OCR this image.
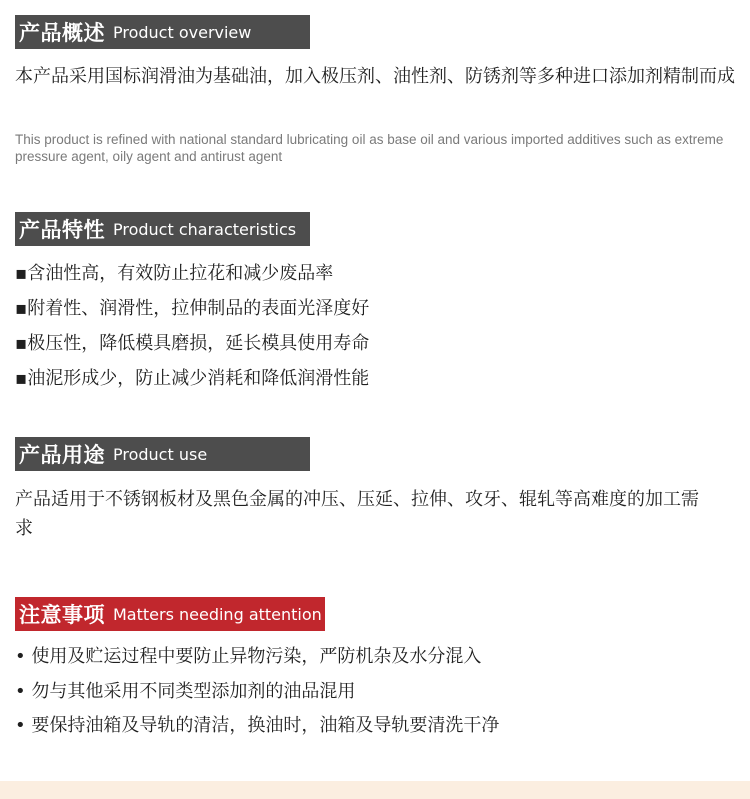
产品概述 Product overview
本产品采用国标润滑油为基础油，加入极压剂、油性剂、防锈剂等多种进口添加剂精制而成
This product is refined with national standard lubricating oil as base oil and various imported additives such as extreme pressure agent, oily agent and antirust agent
产品特性 Product characteristics
▪含油性高，有效防止拉花和减少废品率
▪附着性、润滑性，拉伸制品的表面光泽度好
▪极压性，降低模具磨损，延长模具使用寿命
▪油泥形成少，防止减少消耗和降低润滑性能
产品用途 Product use
产品适用于不锈钢板材及黑色金属的冲压、压延、拉伸、攻牙、辊轧等高难度的加工需求
注意事项 Matters needing attention
• 使用及贮运过程中要防止异物污染，严防机杂及水分混入
• 勿与其他采用不同类型添加剂的油品混用
• 要保持油箱及导轨的清洁，换油时，油箱及导轨要清洗干净
